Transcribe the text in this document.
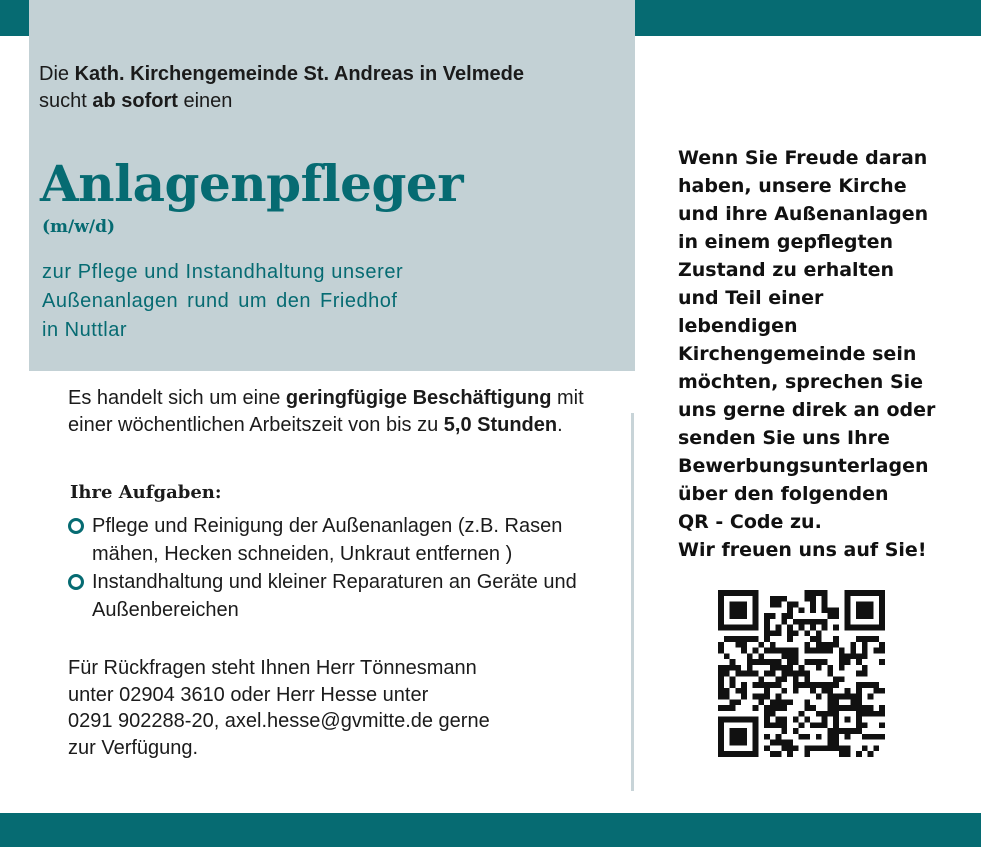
Die Kath. Kirchengemeinde St. Andreas in Velmede
sucht ab sofort einen
Anlagenpfleger
(m/w/d)
zur Pflege und Instandhaltung unserer
Außenanlagen rund um den Friedhof
in Nuttlar
Es handelt sich um eine geringfügige Beschäftigung mit einer wöchentlichen Arbeitszeit von bis zu 5,0 Stunden.
Ihre Aufgaben:
Pflege und Reinigung der Außenanlagen (z.B. Rasen mähen, Hecken schneiden, Unkraut entfernen )
Instandhaltung und kleiner Reparaturen an Geräte und Außenbereichen
Für Rückfragen steht Ihnen Herr Tönnesmann
unter 02904 3610 oder Herr Hesse unter
0291 902288-20, axel.hesse@gvmitte.de gerne
zur Verfügung.
Wenn Sie Freude daran
haben, unsere Kirche
und ihre Außenanlagen
in einem gepflegten
Zustand zu erhalten
und Teil einer
lebendigen
Kirchengemeinde sein
möchten, sprechen Sie
uns gerne direk an oder
senden Sie uns Ihre
Bewerbungsunterlagen
über den folgenden
QR - Code zu.
Wir freuen uns auf Sie!
